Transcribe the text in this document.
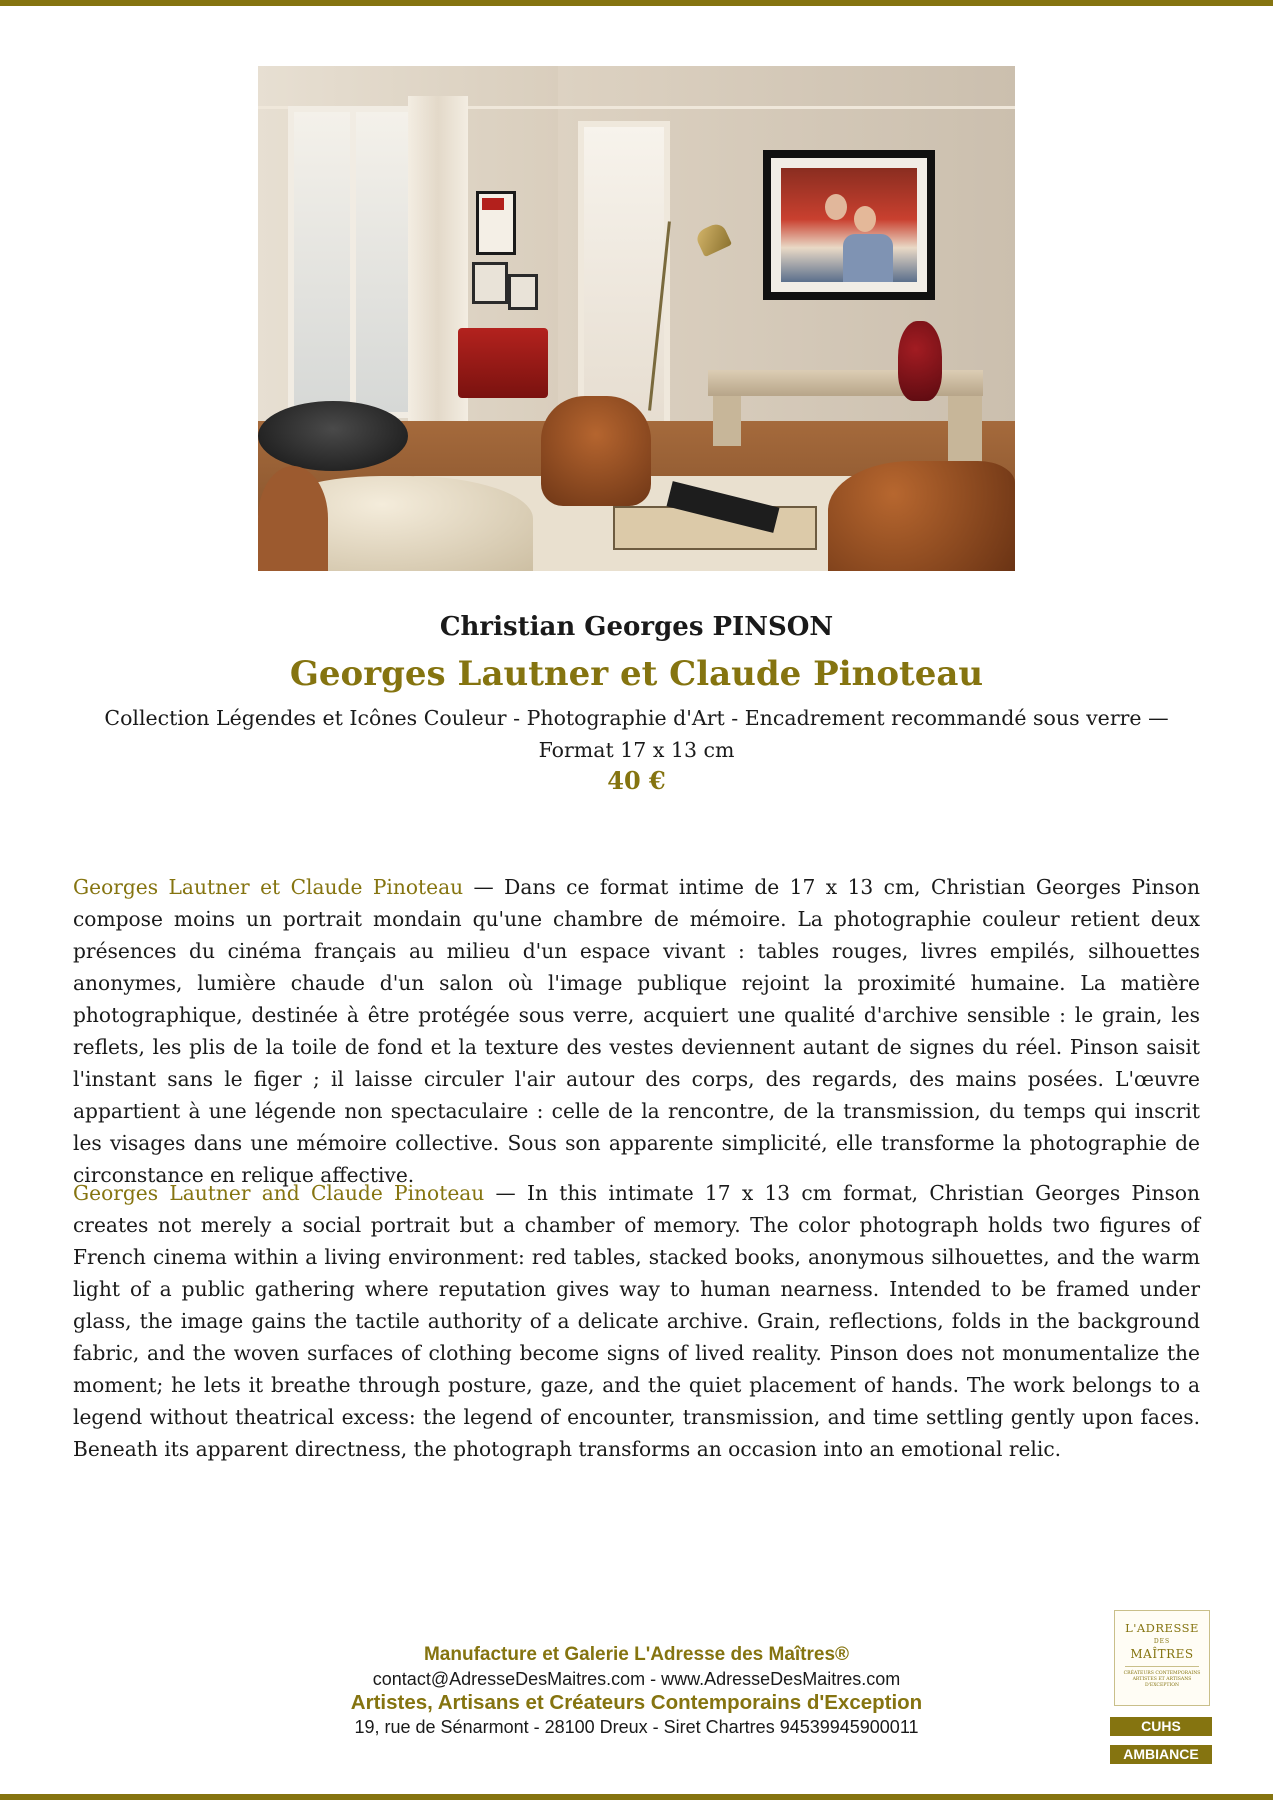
Christian Georges PINSON
Georges Lautner et Claude Pinoteau
Collection Légendes et Icônes Couleur - Photographie d'Art - Encadrement recommandé sous verre — Format 17 x 13 cm
40 €

Georges Lautner et Claude Pinoteau — Dans ce format intime de 17 x 13 cm, Christian Georges Pinson compose moins un portrait mondain qu'une chambre de mémoire. La photographie couleur retient deux présences du cinéma français au milieu d'un espace vivant : tables rouges, livres empilés, silhouettes anonymes, lumière chaude d'un salon où l'image publique rejoint la proximité humaine. La matière photographique, destinée à être protégée sous verre, acquiert une qualité d'archive sensible : le grain, les reflets, les plis de la toile de fond et la texture des vestes deviennent autant de signes du réel. Pinson saisit l'instant sans le figer ; il laisse circuler l'air autour des corps, des regards, des mains posées. L'œuvre appartient à une légende non spectaculaire : celle de la rencontre, de la transmission, du temps qui inscrit les visages dans une mémoire collective. Sous son apparente simplicité, elle transforme la photographie de circonstance en relique affective.

Georges Lautner and Claude Pinoteau — In this intimate 17 x 13 cm format, Christian Georges Pinson creates not merely a social portrait but a chamber of memory. The color photograph holds two figures of French cinema within a living environment: red tables, stacked books, anonymous silhouettes, and the warm light of a public gathering where reputation gives way to human nearness. Intended to be framed under glass, the image gains the tactile authority of a delicate archive. Grain, reflections, folds in the background fabric, and the woven surfaces of clothing become signs of lived reality. Pinson does not monumentalize the moment; he lets it breathe through posture, gaze, and the quiet placement of hands. The work belongs to a legend without theatrical excess: the legend of encounter, transmission, and time settling gently upon faces. Beneath its apparent directness, the photograph transforms an occasion into an emotional relic.

Manufacture et Galerie L'Adresse des Maîtres®
contact@AdresseDesMaitres.com - www.AdresseDesMaitres.com
Artistes, Artisans et Créateurs Contemporains d'Exception
19, rue de Sénarmont - 28100 Dreux - Siret Chartres 94539945900011
L'ADRESSE
DES
MAÎTRES
CRÉATEURS CONTEMPORAINS ARTISTES ET ARTISANS D'EXCEPTION
CUHS
AMBIANCE
